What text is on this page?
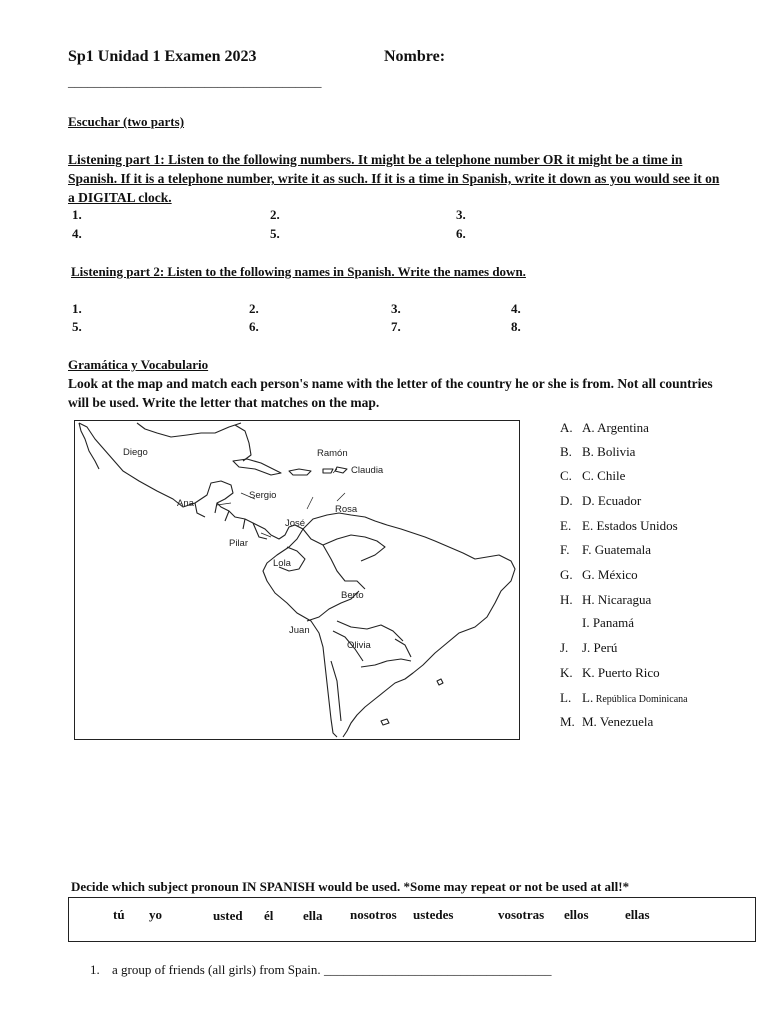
Sp1 Unidad 1 Examen 2023	Nombre:
_______________________________________
Escuchar (two parts)
Listening part 1: Listen to the following numbers. It might be a telephone number OR it might be a time in Spanish. If it is a telephone number, write it as such. If it is a time in Spanish, write it down as you would see it on a DIGITAL clock.
1.	2.	3.
4.	5.	6.
Listening part 2: Listen to the following names in Spanish. Write the names down.
1.	2.	3.	4.
5.	6.	7.	8.
Gramática y Vocabulario
Look at the map and match each person's name with the letter of the country he or she is from. Not all countries will be used. Write the letter that matches on the map.
Diego	Ramón
Claudia
Ana
Sergio
Rosa
José
Pilar
Lola
Berto
Juan
Olivia
A. A. Argentina
B. B. Bolivia
C. C. Chile
D. D. Ecuador
E. E. Estados Unidos
F. F. Guatemala
G. G. México
H. H. Nicaragua
I. Panamá
J. J. Perú
K. K. Puerto Rico
L. L. República Dominicana
M. M. Venezuela
Decide which subject pronoun IN SPANISH would be used. *Some may repeat or not be used at all!*
tú yo	usted él ella nosotros ustedes	vosotras ellos	ellas
1. a group of friends (all girls) from Spain. ___________________________________
